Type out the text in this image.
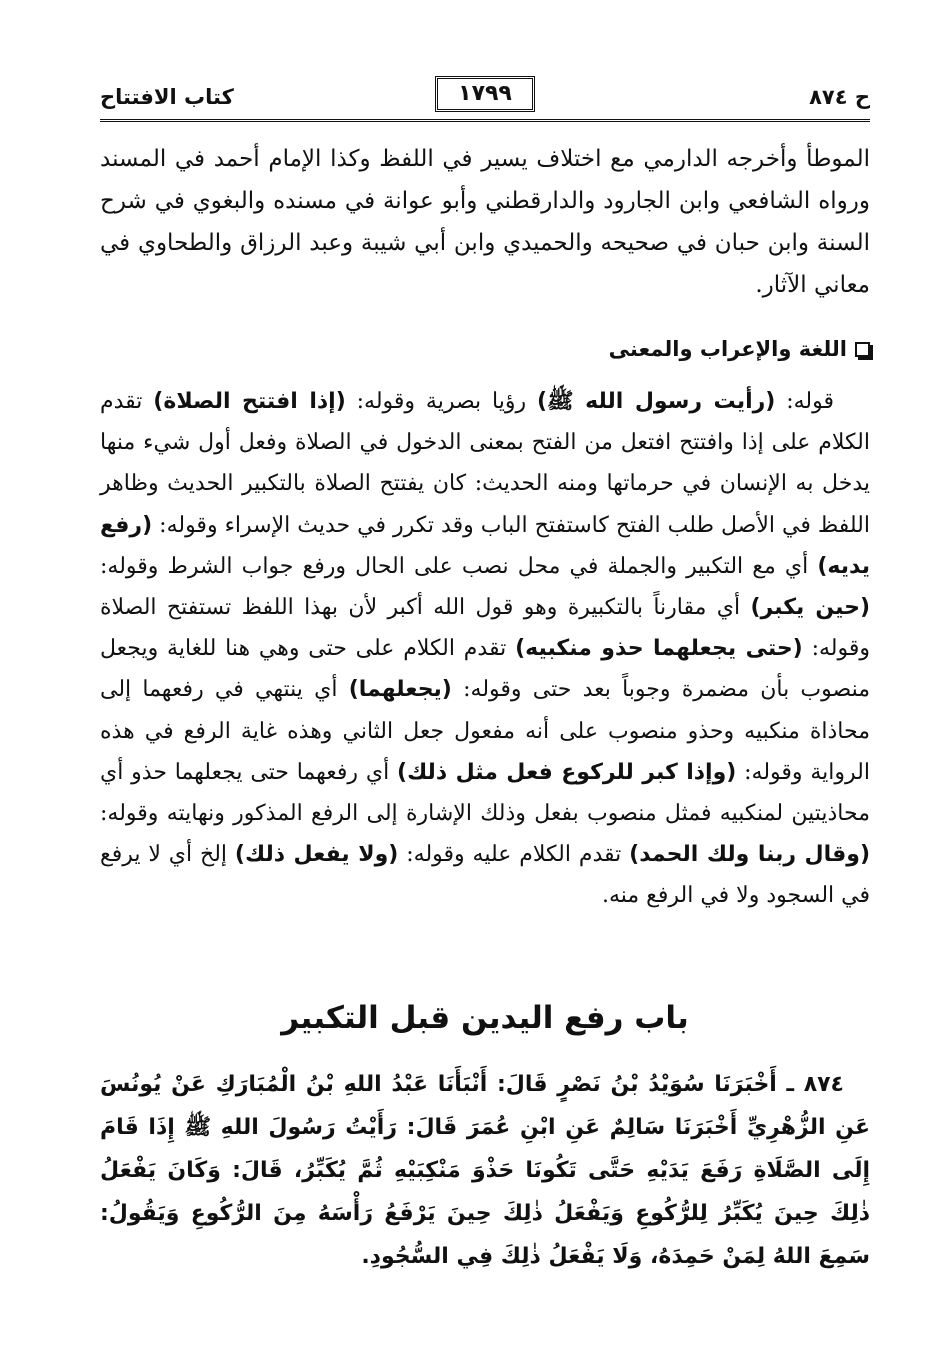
ح ٨٧٤
١٧٩٩
كتاب الافتتاح

الموطأ وأخرجه الدارمي مع اختلاف يسير في اللفظ وكذا الإمام أحمد في المسند ورواه الشافعي وابن الجارود والدارقطني وأبو عوانة في مسنده والبغوي في شرح السنة وابن حبان في صحيحه والحميدي وابن أبي شيبة وعبد الرزاق والطحاوي في معاني الآثار.

اللغة والإعراب والمعنى

قوله: (رأيت رسول الله ﷺ) رؤيا بصرية وقوله: (إذا افتتح الصلاة) تقدم الكلام على إذا وافتتح افتعل من الفتح بمعنى الدخول في الصلاة وفعل أول شيء منها يدخل به الإنسان في حرماتها ومنه الحديث: كان يفتتح الصلاة بالتكبير الحديث وظاهر اللفظ في الأصل طلب الفتح كاستفتح الباب وقد تكرر في حديث الإسراء وقوله: (رفع يديه) أي مع التكبير والجملة في محل نصب على الحال ورفع جواب الشرط وقوله: (حين يكبر) أي مقارناً بالتكبيرة وهو قول الله أكبر لأن بهذا اللفظ تستفتح الصلاة وقوله: (حتى يجعلهما حذو منكبيه) تقدم الكلام على حتى وهي هنا للغاية ويجعل منصوب بأن مضمرة وجوباً بعد حتى وقوله: (يجعلهما) أي ينتهي في رفعهما إلى محاذاة منكبيه وحذو منصوب على أنه مفعول جعل الثاني وهذه غاية الرفع في هذه الرواية وقوله: (وإذا كبر للركوع فعل مثل ذلك) أي رفعهما حتى يجعلهما حذو أي محاذيتين لمنكبيه فمثل منصوب بفعل وذلك الإشارة إلى الرفع المذكور ونهايته وقوله: (وقال ربنا ولك الحمد) تقدم الكلام عليه وقوله: (ولا يفعل ذلك) إلخ أي لا يرفع في السجود ولا في الرفع منه.

باب رفع اليدين قبل التكبير
٨٧٤ ـ أَخْبَرَنَا سُوَيْدُ بْنُ نَصْرٍ قَالَ: أَنْبَأَنَا عَبْدُ اللهِ بْنُ الْمُبَارَكِ عَنْ يُونُسَ عَنِ الزُّهْرِيِّ أَخْبَرَنَا سَالِمٌ عَنِ ابْنِ عُمَرَ قَالَ: رَأَيْتُ رَسُولَ اللهِ ﷺ إِذَا قَامَ إِلَى الصَّلَاةِ رَفَعَ يَدَيْهِ حَتَّى تَكُونَا حَذْوَ مَنْكِبَيْهِ ثُمَّ يُكَبِّرُ، قَالَ: وَكَانَ يَفْعَلُ ذٰلِكَ حِينَ يُكَبِّرُ لِلرُّكُوعِ وَيَفْعَلُ ذٰلِكَ حِينَ يَرْفَعُ رَأْسَهُ مِنَ الرُّكُوعِ وَيَقُولُ: سَمِعَ اللهُ لِمَنْ حَمِدَهُ، وَلَا يَفْعَلُ ذٰلِكَ فِي السُّجُودِ.
